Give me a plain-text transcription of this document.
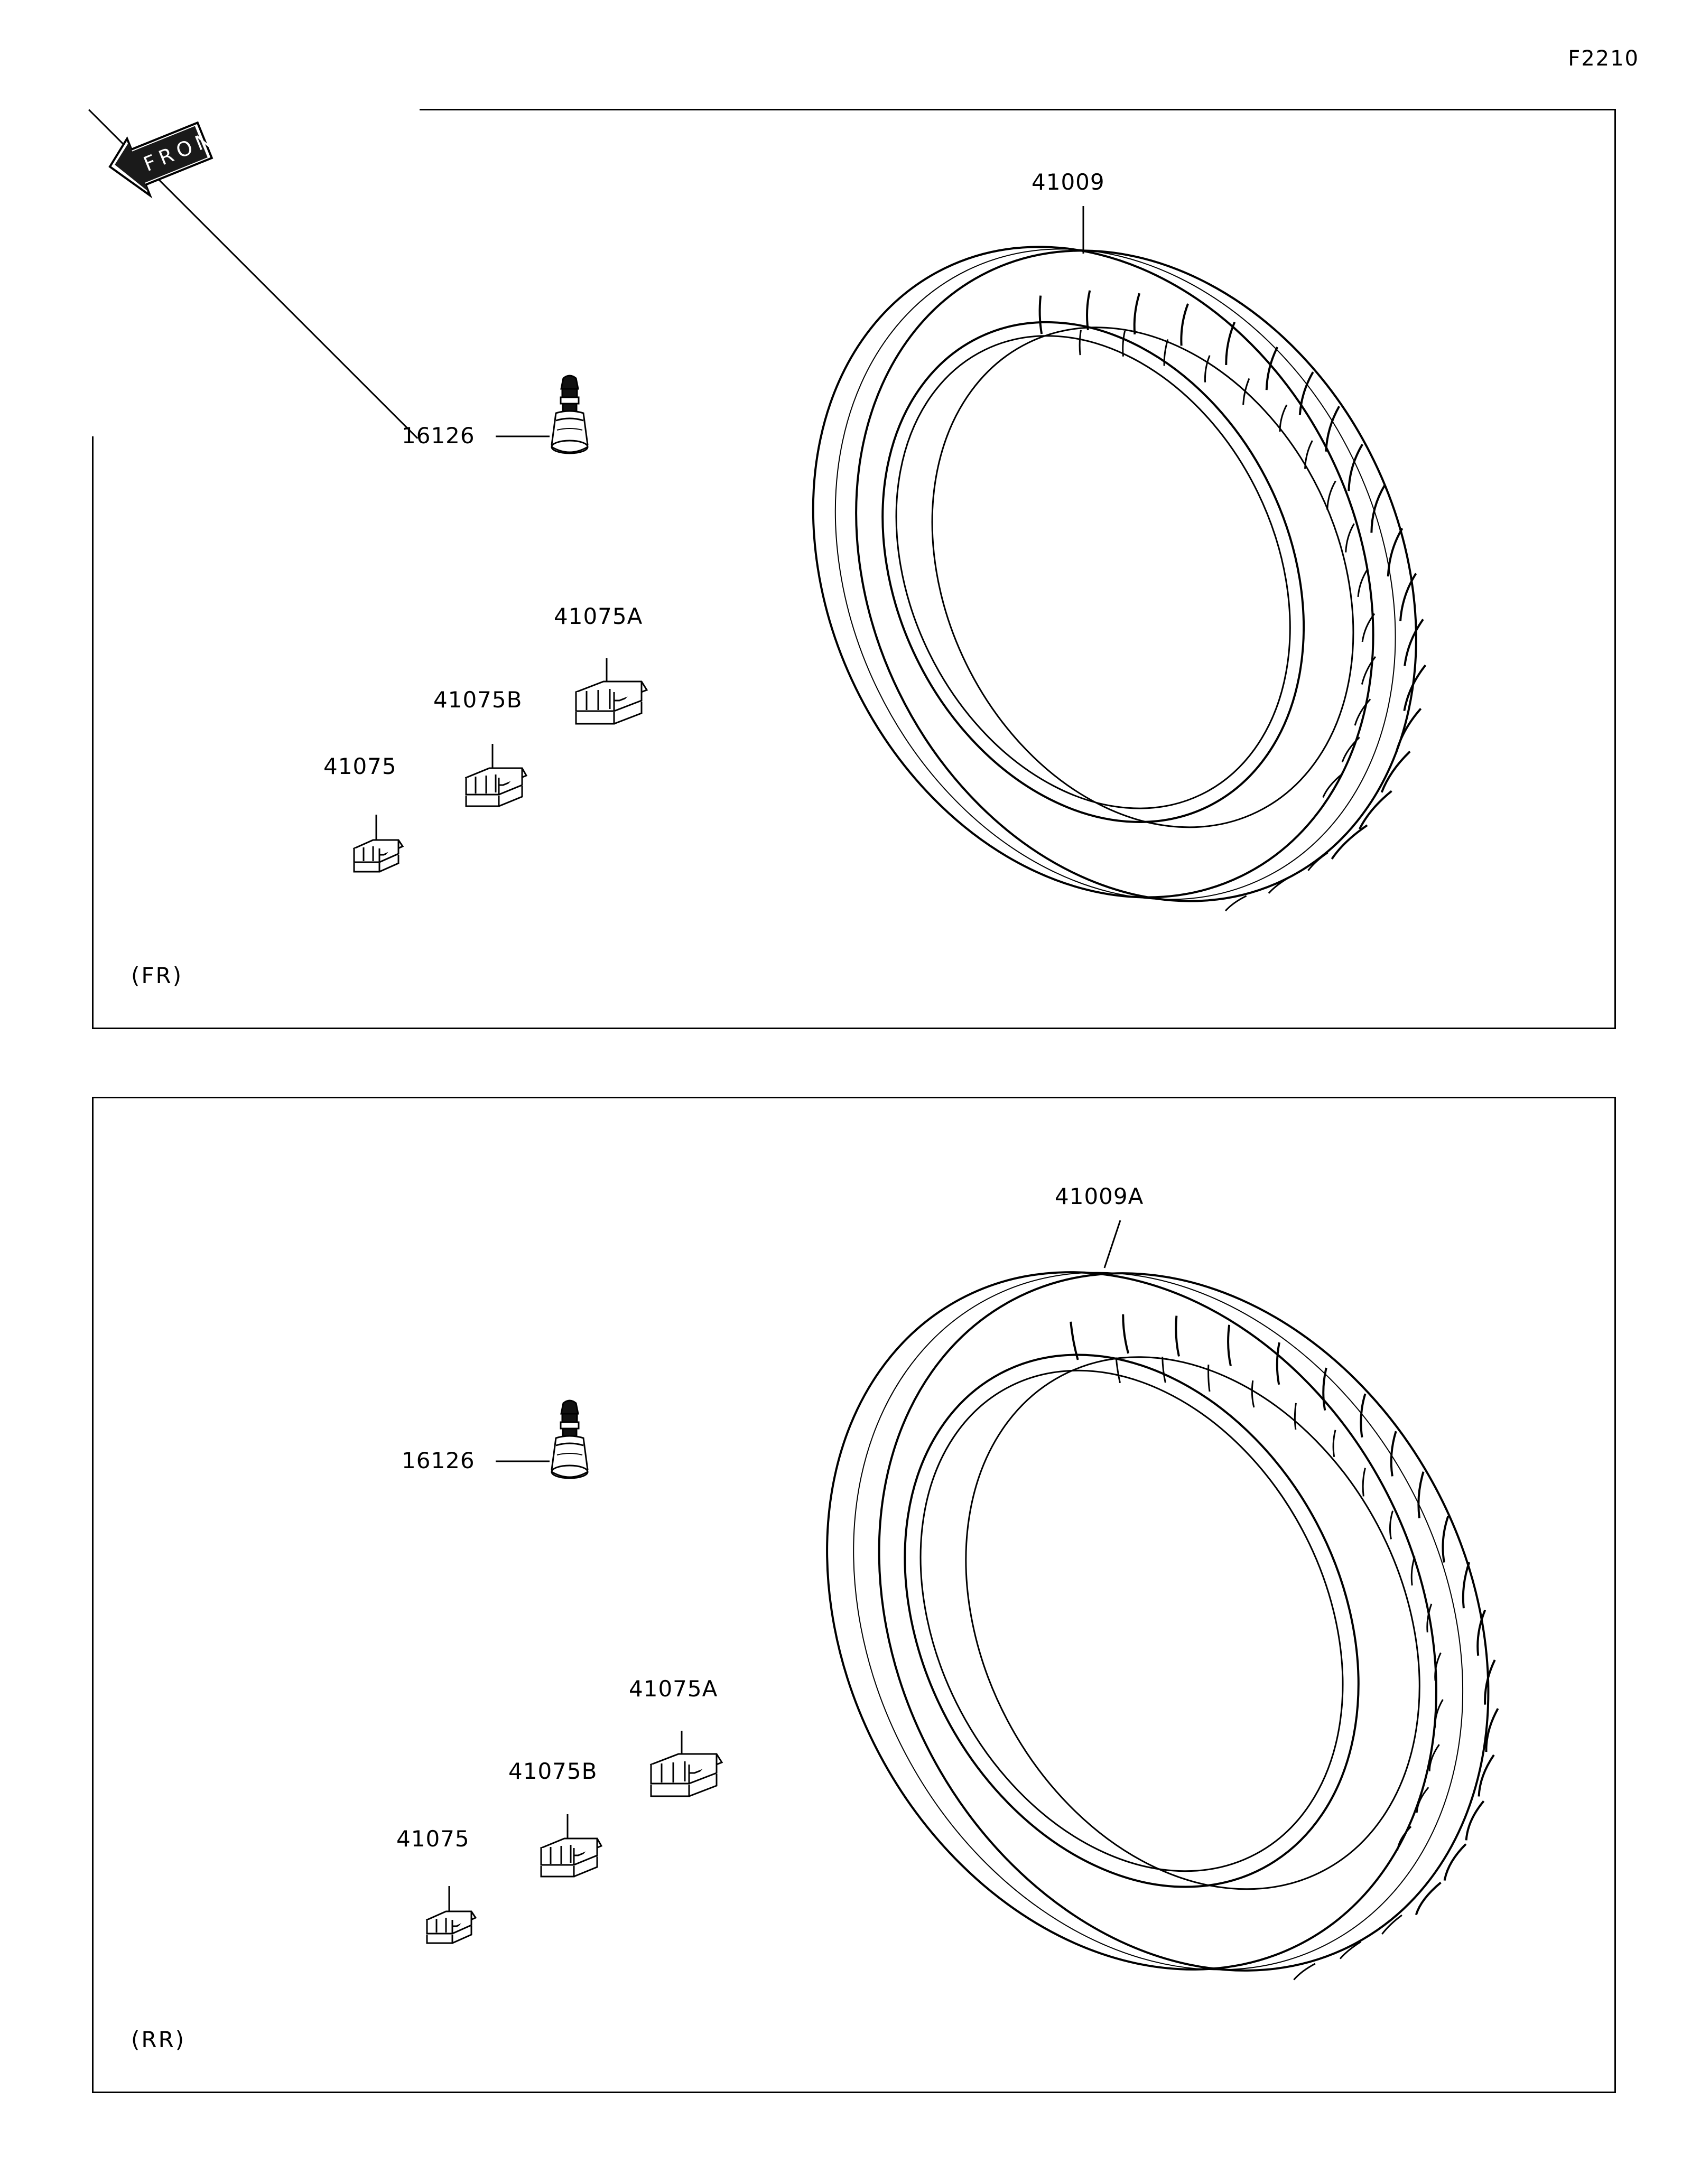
F2210
(FR)
(RR)
FRONT
41009
16126
41075A
41075B
41075
41009A
16126
41075A
41075B
41075
